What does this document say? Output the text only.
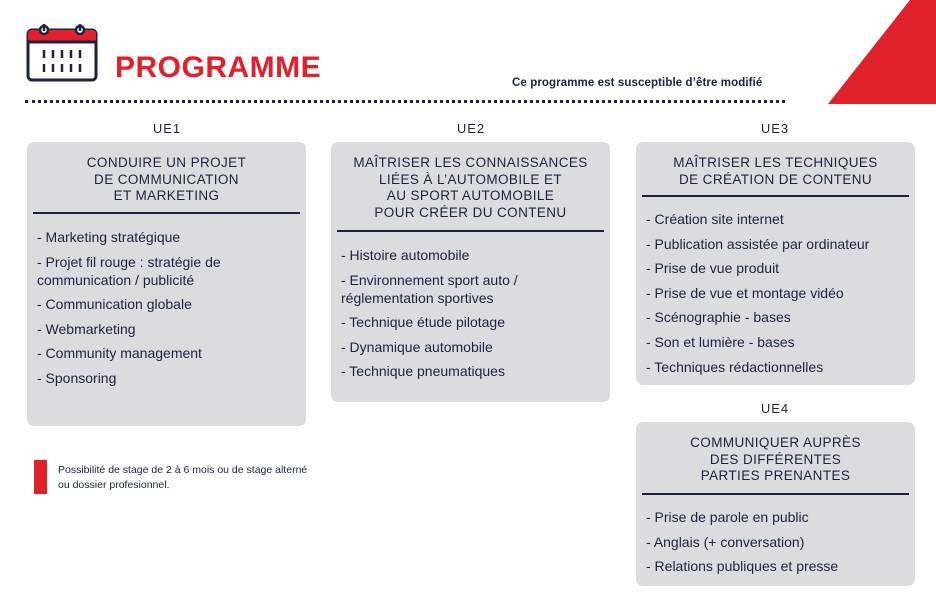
PROGRAMME	Ce programme est susceptible d’être modifié
UE1	UE2	UE3
UE4
CONDUIRE UN PROJET
DE COMMUNICATION
ET MARKETING
- Marketing stratégique
- Projet fil rouge : stratégie de
communication / publicité
- Communication globale
- Webmarketing
- Community management
- Sponsoring
MAÎTRISER LES CONNAISSANCES
LIÉES À L’AUTOMOBILE ET
AU SPORT AUTOMOBILE
POUR CRÉER DU CONTENU
- Histoire automobile
- Environnement sport auto /
réglementation sportives
- Technique étude pilotage
- Dynamique automobile
- Technique pneumatiques
MAÎTRISER LES TECHNIQUES
DE CRÉATION DE CONTENU
- Création site internet
- Publication assistée par ordinateur
- Prise de vue produit
- Prise de vue et montage vidéo
- Scénographie - bases
- Son et lumière - bases
- Techniques rédactionnelles
COMMUNIQUER AUPRÈS
DES DIFFÉRENTES
PARTIES PRENANTES
- Prise de parole en public
- Anglais (+ conversation)
- Relations publiques et presse
Possibilité de stage de 2 à 6 mois ou de stage alterné ou dossier profesionnel.
